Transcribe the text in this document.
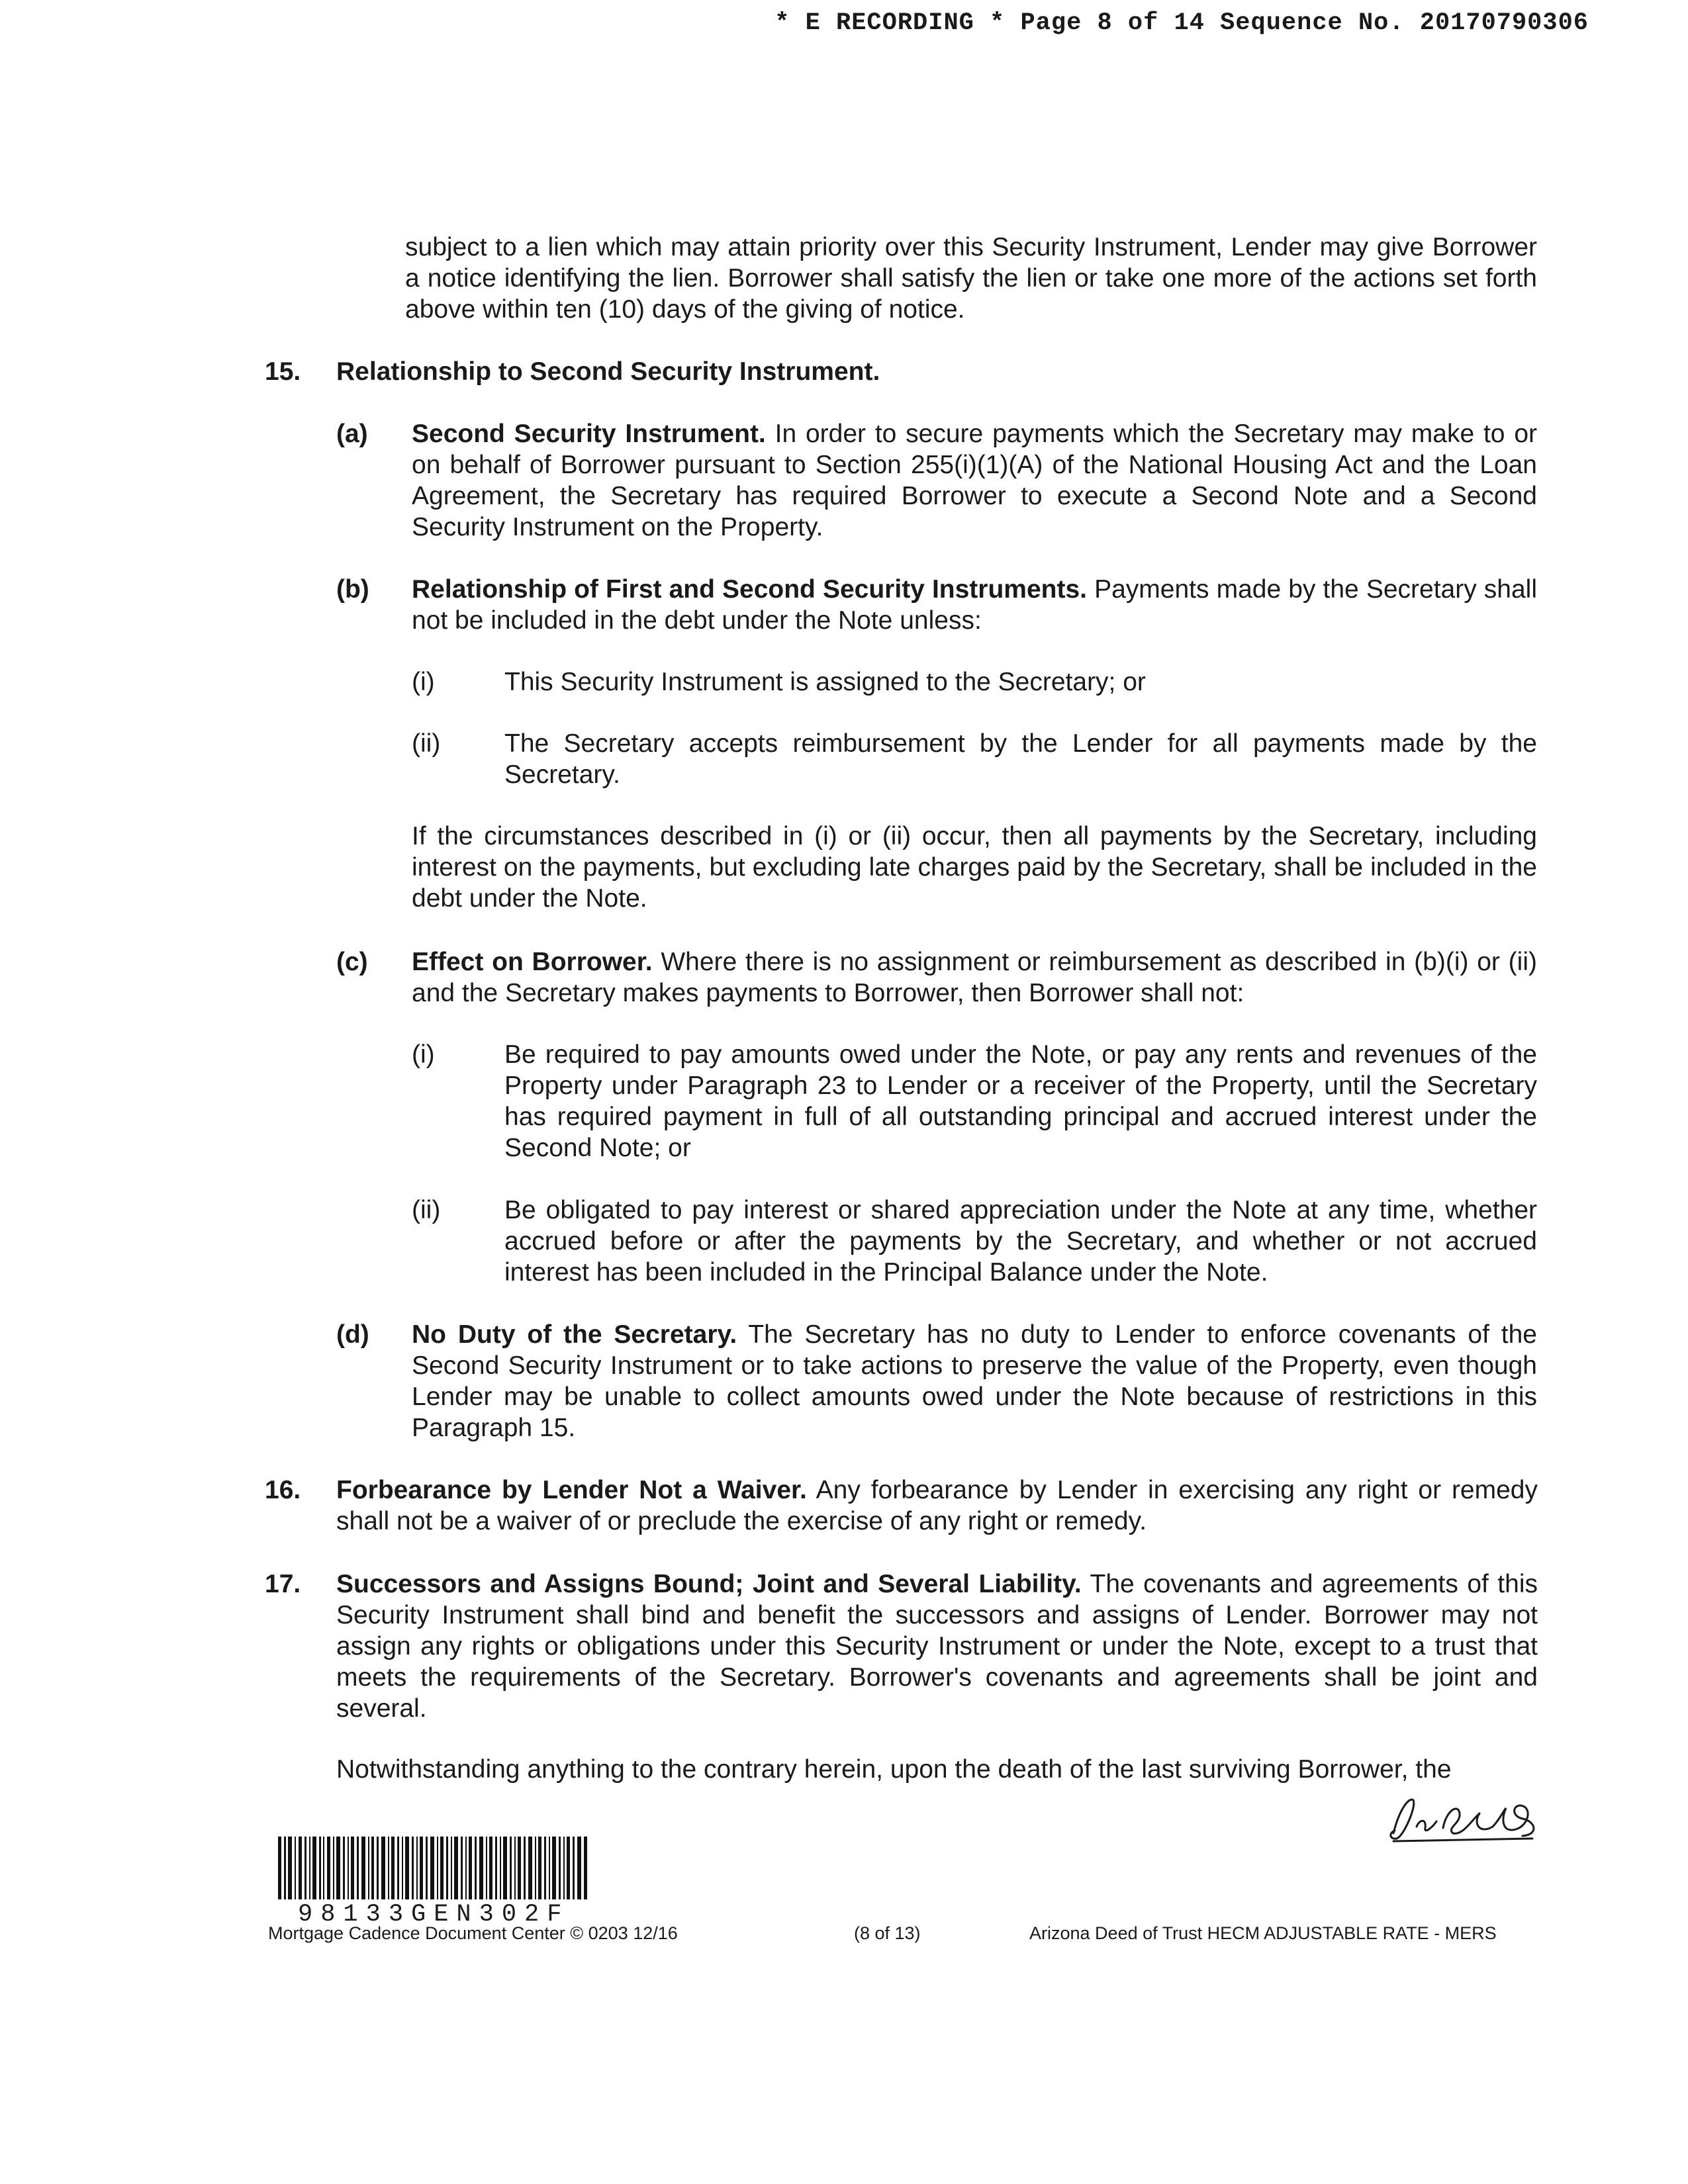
* E RECORDING * Page 8 of 14 Sequence No. 20170790306

subject to a lien which may attain priority over this Security Instrument, Lender may give Borrower a notice identifying the lien. Borrower shall satisfy the lien or take one more of the actions set forth above within ten (10) days of the giving of notice.

15. Relationship to Second Security Instrument.
(a) Second Security Instrument. In order to secure payments which the Secretary may make to or on behalf of Borrower pursuant to Section 255(i)(1)(A) of the National Housing Act and the Loan Agreement, the Secretary has required Borrower to execute a Second Note and a Second Security Instrument on the Property.

(b) Relationship of First and Second Security Instruments. Payments made by the Secretary shall not be included in the debt under the Note unless:

(i)	This Security Instrument is assigned to the Secretary; or

(ii) The Secretary accepts reimbursement by the Lender for all payments made by the Secretary.

If the circumstances described in (i) or (ii) occur, then all payments by the Secretary, including interest on the payments, but excluding late charges paid by the Secretary, shall be included in the debt under the Note.

(c) Effect on Borrower. Where there is no assignment or reimbursement as described in (b)(i) or (ii) and the Secretary makes payments to Borrower, then Borrower shall not:

(i)	Be required to pay amounts owed under the Note, or pay any rents and revenues of the Property under Paragraph 23 to Lender or a receiver of the Property, until the Secretary has required payment in full of all outstanding principal and accrued interest under the Second Note; or

(ii) Be obligated to pay interest or shared appreciation under the Note at any time, whether accrued before or after the payments by the Secretary, and whether or not accrued interest has been included in the Principal Balance under the Note.

(d) No Duty of the Secretary. The Secretary has no duty to Lender to enforce covenants of the Second Security Instrument or to take actions to preserve the value of the Property, even though Lender may be unable to collect amounts owed under the Note because of restrictions in this Paragraph 15.

16. Forbearance by Lender Not a Waiver. Any forbearance by Lender in exercising any right or remedy shall not be a waiver of or preclude the exercise of any right or remedy.

17. Successors and Assigns Bound; Joint and Several Liability. The covenants and agreements of this Security Instrument shall bind and benefit the successors and assigns of Lender. Borrower may not assign any rights or obligations under this Security Instrument or under the Note, except to a trust that meets the requirements of the Secretary. Borrower's covenants and agreements shall be joint and several.

Notwithstanding anything to the contrary herein, upon the death of the last surviving Borrower, the

98133GEN302F
Mortgage Cadence Document Center © 0203 12/16	(8 of 13)	Arizona Deed of Trust HECM ADJUSTABLE RATE - MERS
